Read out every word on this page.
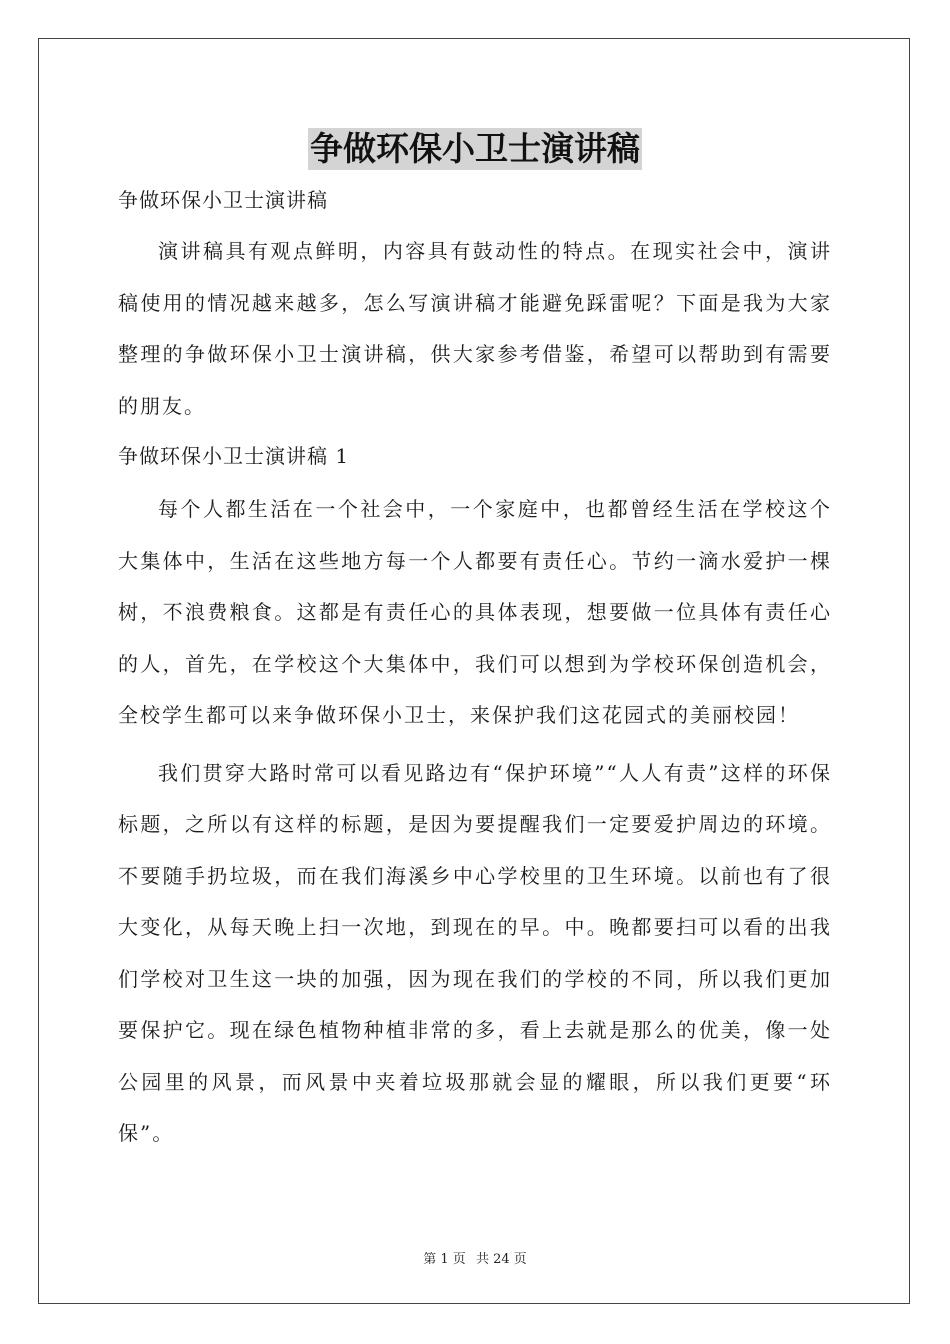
争做环保小卫士演讲稿

争做环保小卫士演讲稿

演讲稿具有观点鲜明，内容具有鼓动性的特点。在现实社会中，演讲稿使用的情况越来越多，怎么写演讲稿才能避免踩雷呢？下面是我为大家整理的争做环保小卫士演讲稿，供大家参考借鉴，希望可以帮助到有需要的朋友。

争做环保小卫士演讲稿 1

每个人都生活在一个社会中，一个家庭中，也都曾经生活在学校这个大集体中，生活在这些地方每一个人都要有责任心。节约一滴水爱护一棵树，不浪费粮食。这都是有责任心的具体表现，想要做一位具体有责任心的人，首先，在学校这个大集体中，我们可以想到为学校环保创造机会，全校学生都可以来争做环保小卫士，来保护我们这花园式的美丽校园！

我们贯穿大路时常可以看见路边有“保护环境”“人人有责”这样的环保标题，之所以有这样的标题，是因为要提醒我们一定要爱护周边的环境。不要随手扔垃圾，而在我们海溪乡中心学校里的卫生环境。以前也有了很大变化，从每天晚上扫一次地，到现在的早。中。晚都要扫可以看的出我们学校对卫生这一块的加强，因为现在我们的学校的不同，所以我们更加要保护它。现在绿色植物种植非常的多，看上去就是那么的优美，像一处公园里的风景，而风景中夹着垃圾那就会显的耀眼，所以我们更要“环保”。

第 1 页 共 24 页
